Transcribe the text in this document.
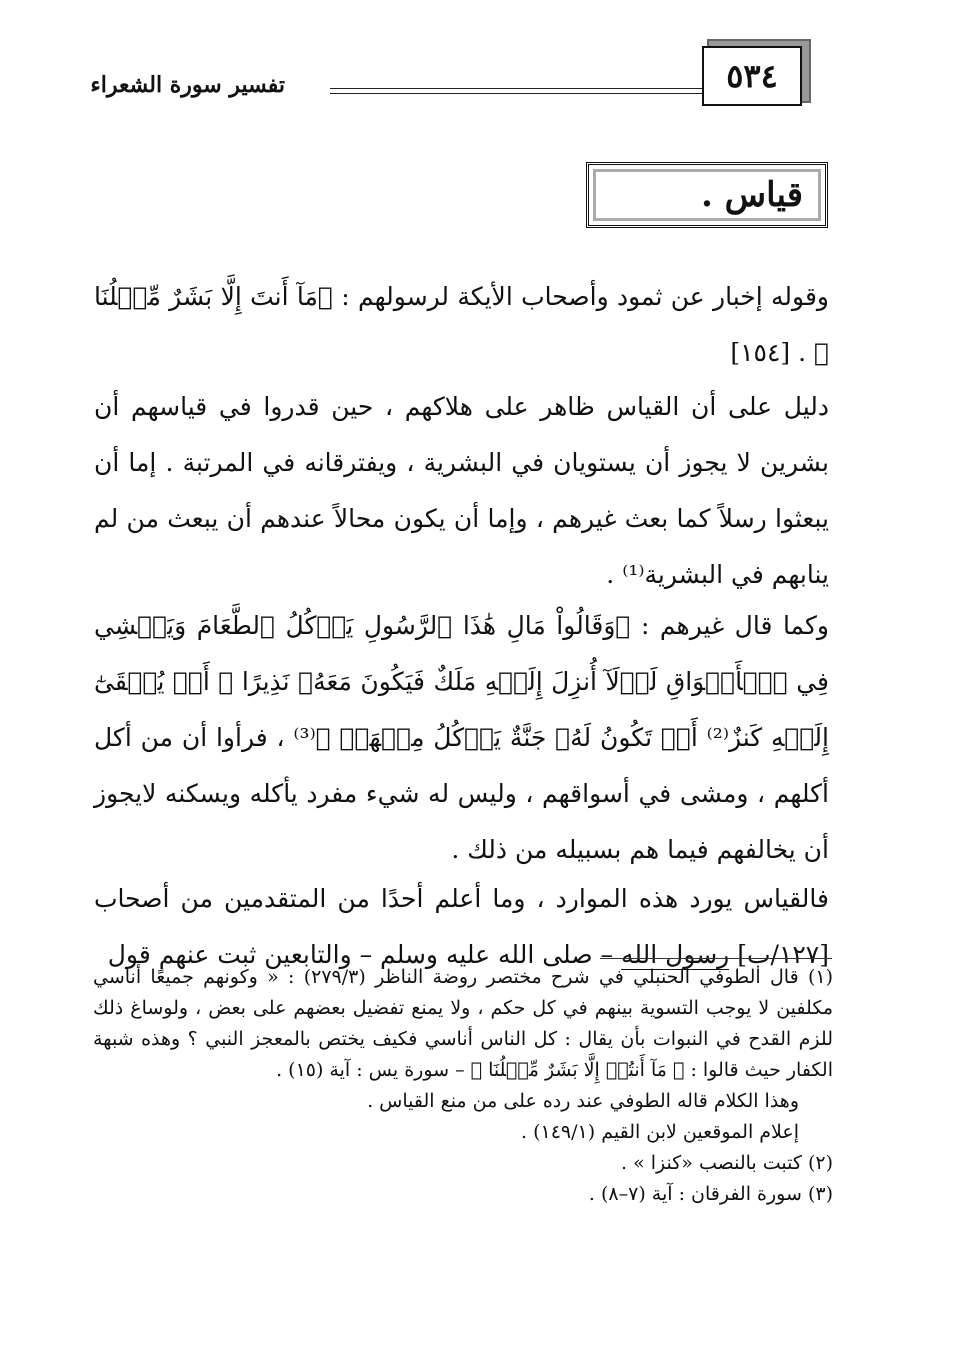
تفسير سورة الشعراء	٥٣٤
قياس .

وقوله إخبار عن ثمود وأصحاب الأيكة لرسولهم : ﴿مَآ أَنتَ إِلَّا بَشَرٌ مِّثۡلُنَا ﴾ . [١٥٤]

دليل على أن القياس ظاهر على هلاكهم ، حين قدروا في قياسهم أن بشرين لا يجوز أن يستويان في البشرية ، ويفترقانه في المرتبة . إما أن يبعثوا رسلاً كما بعث غيرهم ، وإما أن يكون محالاً عندهم أن يبعث من لم ينابهم في البشرية⁽¹⁾ .

وكما قال غيرهم : ﴿وَقَالُواْ مَالِ هَٰذَا ٱلرَّسُولِ يَأۡكُلُ ٱلطَّعَامَ وَيَمۡشِي فِي ٱلۡأَسۡوَاقِ لَوۡلَآ أُنزِلَ إِلَيۡهِ مَلَكٌ فَيَكُونَ مَعَهُۥ نَذِيرًا ۞ أَوۡ يُلۡقَىٰٓ إِلَيۡهِ كَنزٌ⁽²⁾ أَوۡ تَكُونُ لَهُۥ جَنَّةٌ يَأۡكُلُ مِنۡهَاۚ ﴾⁽³⁾ ، فرأوا أن من أكل أكلهم ، ومشى في أسواقهم ، وليس له شيء مفرد يأكله ويسكنه لايجوز أن يخالفهم فيما هم بسبيله من ذلك .

فالقياس يورد هذه الموارد ، وما أعلم أحدًا من المتقدمين من أصحاب [١٢٧/ب] رسول الله – صلى الله عليه وسلم – والتابعين ثبت عنهم قول

(١) قال الطوفي الحنبلي في شرح مختصر روضة الناظر (٢٧٩/٣) : « وكونهم جميعًا أناسي مكلفين لا يوجب التسوية بينهم في كل حكم ، ولا يمنع تفضيل بعضهم على بعض ، ولوساغ ذلك للزم القدح في النبوات بأن يقال : كل الناس أناسي فكيف يختص بالمعجز النبي ؟ وهذه شبهة الكفار حيث قالوا : ﴿ مَآ أَنتُمۡ إِلَّا بَشَرٌ مِّثۡلُنَا ﴾ – سورة يس : آية (١٥) .

وهذا الكلام قاله الطوفي عند رده على من منع القياس .

إعلام الموقعين لابن القيم (١٤٩/١) .

(٢) كتبت بالنصب «كنزا » .

(٣) سورة الفرقان : آية (٧–٨) .
